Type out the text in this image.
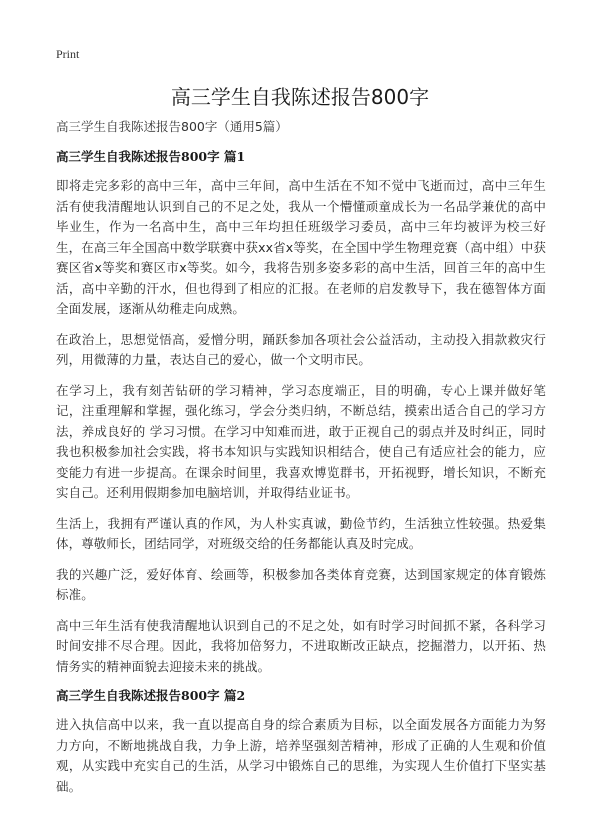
Print
高三学生自我陈述报告800字

高三学生自我陈述报告800字（通用5篇）

高三学生自我陈述报告800字 篇1

即将走完多彩的高中三年，高中三年间，高中生活在不知不觉中飞逝而过，高中三年生活有使我清醒地认识到自己的不足之处，我从一个懵懂顽童成长为一名品学兼优的高中毕业生，作为一名高中生，高中三年均担任班级学习委员，高中三年均被评为校三好生，在高三年全国高中数学联赛中获xx省x等奖，在全国中学生物理竞赛（高中组）中获赛区省x等奖和赛区市x等奖。如今，我将告别多姿多彩的高中生活，回首三年的高中生活，高中辛勤的汗水，但也得到了相应的汇报。在老师的启发教导下，我在德智体方面全面发展，逐渐从幼稚走向成熟。

在政治上，思想觉悟高，爱憎分明，踊跃参加各项社会公益活动，主动投入捐款救灾行列，用微薄的力量，表达自己的爱心，做一个文明市民。

在学习上，我有刻苦钻研的学习精神，学习态度端正，目的明确，专心上课并做好笔记，注重理解和掌握，强化练习，学会分类归纳，不断总结，摸索出适合自己的学习方法，养成良好的 学习习惯。在学习中知难而进，敢于正视自己的弱点并及时纠正，同时我也积极参加社会实践，将书本知识与实践知识相结合，使自己有适应社会的能力，应变能力有进一步提高。在课余时间里，我喜欢博览群书，开拓视野，增长知识，不断充实自己。还利用假期参加电脑培训，并取得结业证书。

生活上，我拥有严谨认真的作风，为人朴实真诚，勤俭节约，生活独立性较强。热爱集体，尊敬师长，团结同学，对班级交给的任务都能认真及时完成。

我的兴趣广泛，爱好体育、绘画等，积极参加各类体育竞赛，达到国家规定的体育锻炼标准。

高中三年生活有使我清醒地认识到自己的不足之处，如有时学习时间抓不紧，各科学习时间安排不尽合理。因此，我将加倍努力，不进取断改正缺点，挖掘潜力，以开拓、热情务实的精神面貌去迎接未来的挑战。

高三学生自我陈述报告800字 篇2

进入执信高中以来，我一直以提高自身的综合素质为目标，以全面发展各方面能力为努力方向，不断地挑战自我，力争上游，培养坚强刻苦精神，形成了正确的人生观和价值观，从实践中充实自己的生活，从学习中锻炼自己的思维，为实现人生价值打下坚实基础。
